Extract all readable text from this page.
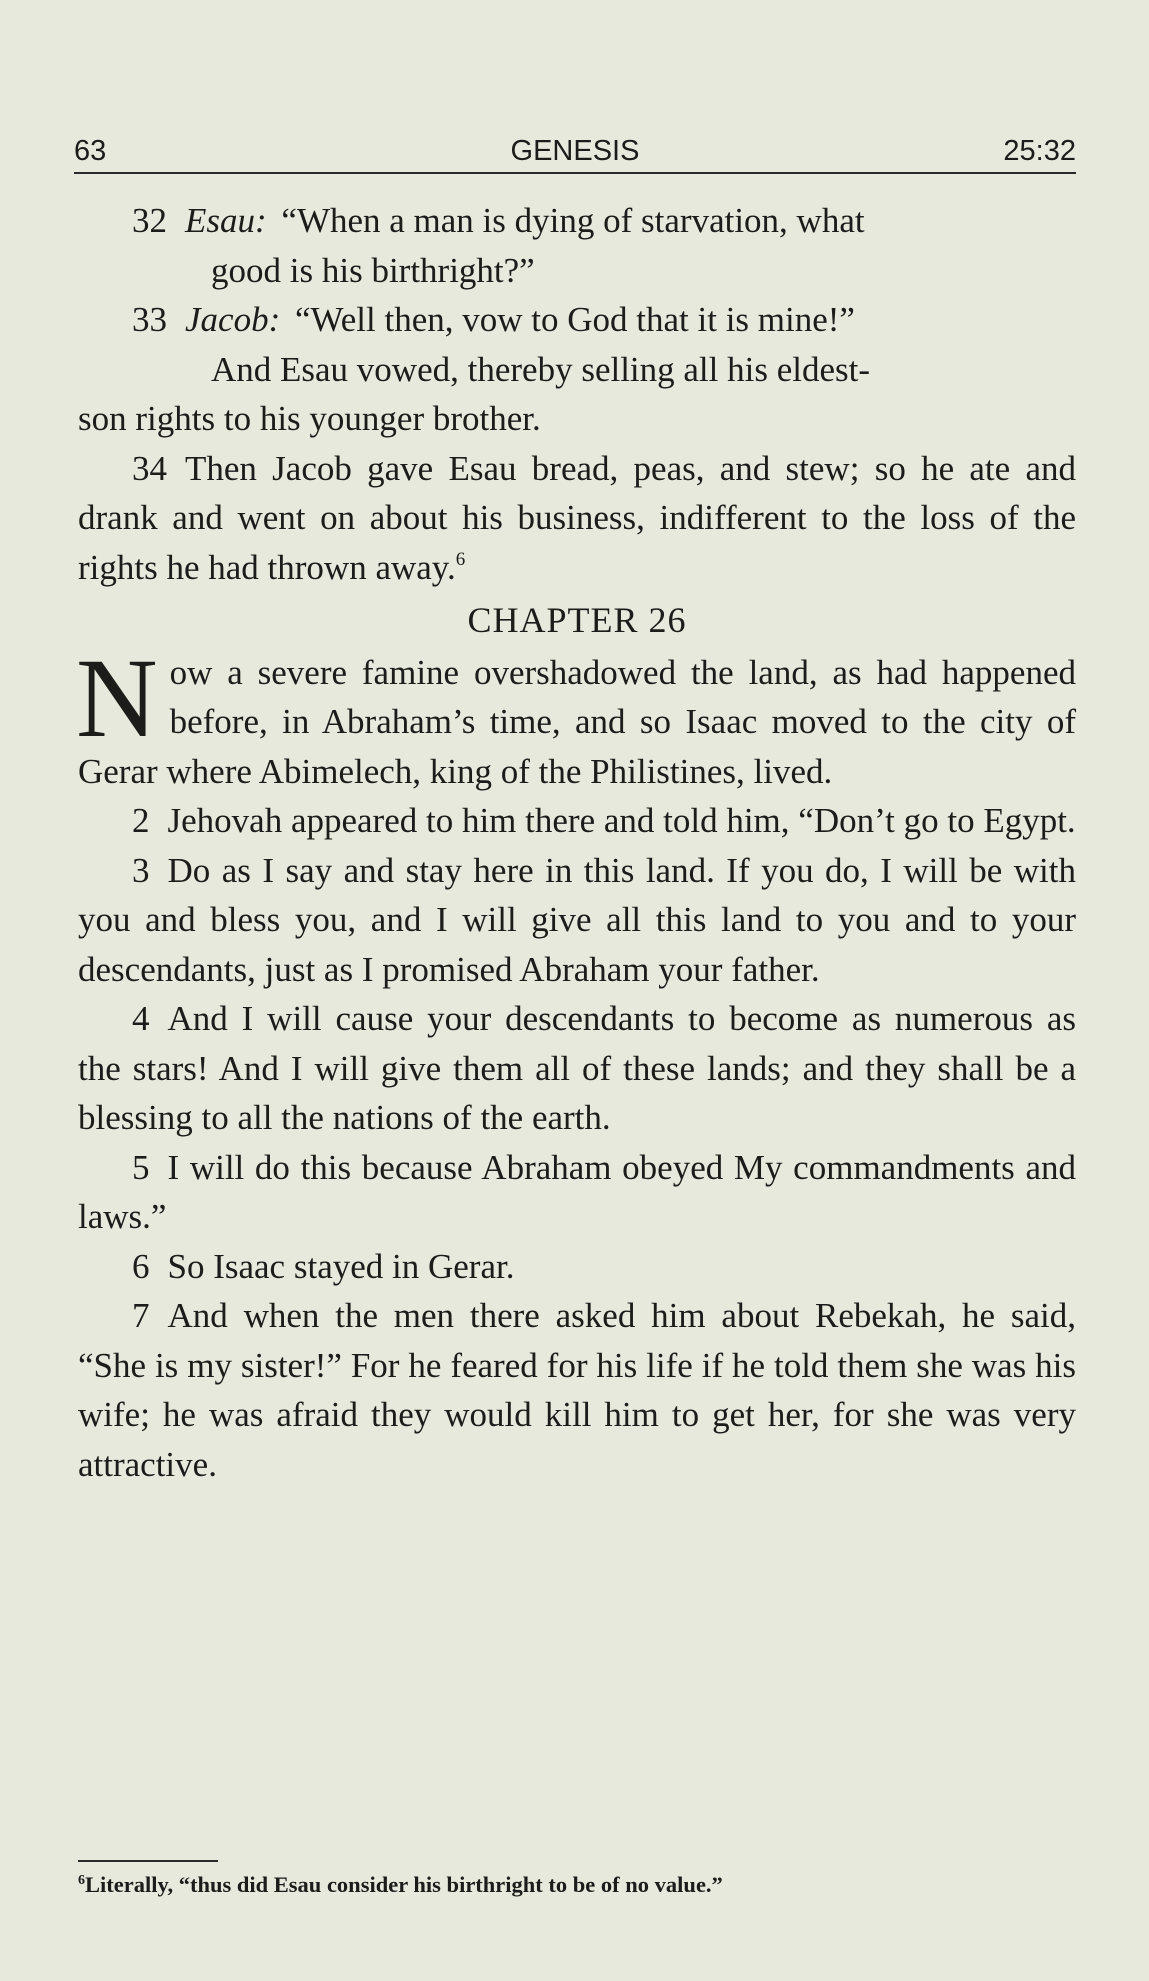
63	GENESIS	25:32

32 Esau: “When a man is dying of starvation, what
good is his birthright?”

33 Jacob: “Well then, vow to God that it is mine!”
And Esau vowed, thereby selling all his eldest-

son rights to his younger brother.

34 Then Jacob gave Esau bread, peas, and stew; so he ate and drank and went on about his business, indifferent to the loss of the rights he had thrown away.$^6$

CHAPTER 26

Now a severe famine overshadowed the land, as had happened before, in Abraham’s time, and so Isaac moved to the city of Gerar where Abimelech, king of the Philistines, lived.

2 Jehovah appeared to him there and told him, “Don’t go to Egypt.

3 Do as I say and stay here in this land. If you do, I will be with you and bless you, and I will give all this land to you and to your descendants, just as I promised Abraham your father.

4 And I will cause your descendants to become as numerous as the stars! And I will give them all of these lands; and they shall be a blessing to all the nations of the earth.

5 I will do this because Abraham obeyed My commandments and laws.”

6 So Isaac stayed in Gerar.

7 And when the men there asked him about Rebekah, he said, “She is my sister!” For he feared for his life if he told them she was his wife; he was afraid they would kill him to get her, for she was very attractive.

$^6$Literally, “thus did Esau consider his birthright to be of no value.”
